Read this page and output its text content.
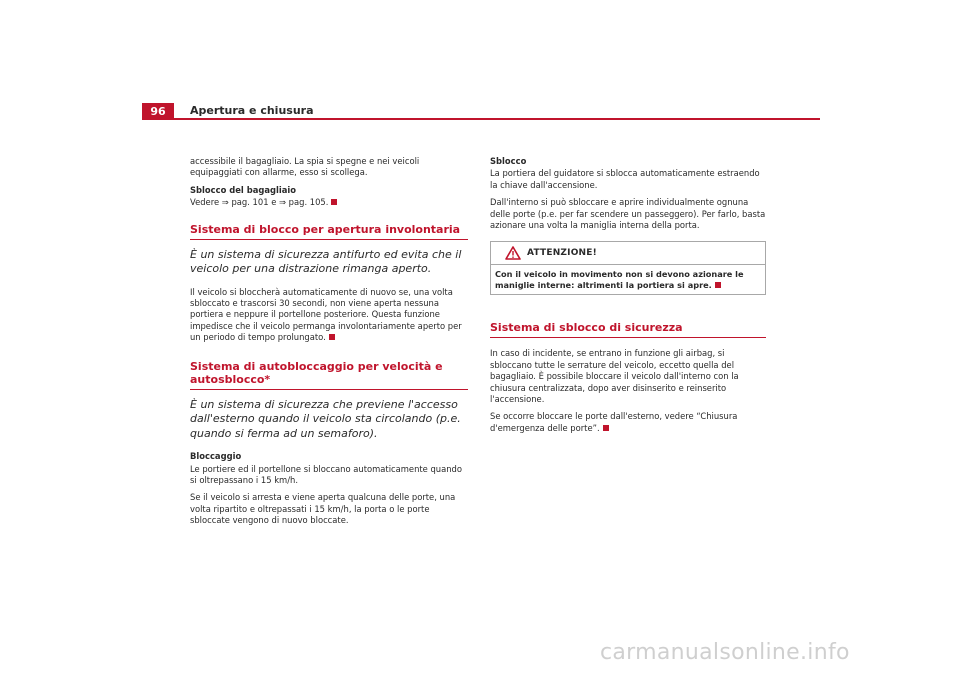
96	Apertura e chiusura

accessibile il bagagliaio. La spia si spegne e nei veicoli equipaggiati con allarme, esso si scollega.

Sblocco del bagagliaio

Vedere ⇒ pag. 101 e ⇒ pag. 105.

Sistema di blocco per apertura involontaria

È un sistema di sicurezza antifurto ed evita che il veicolo per una distrazione rimanga aperto.

Il veicolo si bloccherà automaticamente di nuovo se, una volta sbloccato e trascorsi 30 secondi, non viene aperta nessuna portiera e neppure il portellone posteriore. Questa funzione impedisce che il veicolo permanga involontariamente aperto per un periodo di tempo prolungato.

Sistema di autobloccaggio per velocità e autosblocco*

È un sistema di sicurezza che previene l'accesso dall'esterno quando il veicolo sta circolando (p.e. quando si ferma ad un semaforo).

Bloccaggio

Le portiere ed il portellone si bloccano automaticamente quando si oltrepassano i 15 km/h.

Se il veicolo si arresta e viene aperta qualcuna delle porte, una volta ripartito e oltrepassati i 15 km/h, la porta o le porte sbloccate vengono di nuovo bloccate.

Sblocco

La portiera del guidatore si sblocca automaticamente estraendo la chiave dall'accensione.

Dall'interno si può sbloccare e aprire individualmente ognuna delle porte (p.e. per far scendere un passeggero). Per farlo, basta azionare una volta la maniglia interna della porta.

ATTENZIONE!
Con il veicolo in movimento non si devono azionare le maniglie interne: altrimenti la portiera si apre.
Sistema di sblocco di sicurezza

In caso di incidente, se entrano in funzione gli airbag, si sbloccano tutte le serrature del veicolo, eccetto quella del bagagliaio. È possibile bloccare il veicolo dall'interno con la chiusura centralizzata, dopo aver disinserito e reinserito l'accensione.

Se occorre bloccare le porte dall'esterno, vedere “Chiusura d'emergenza delle porte”.

carmanualsonline.info
